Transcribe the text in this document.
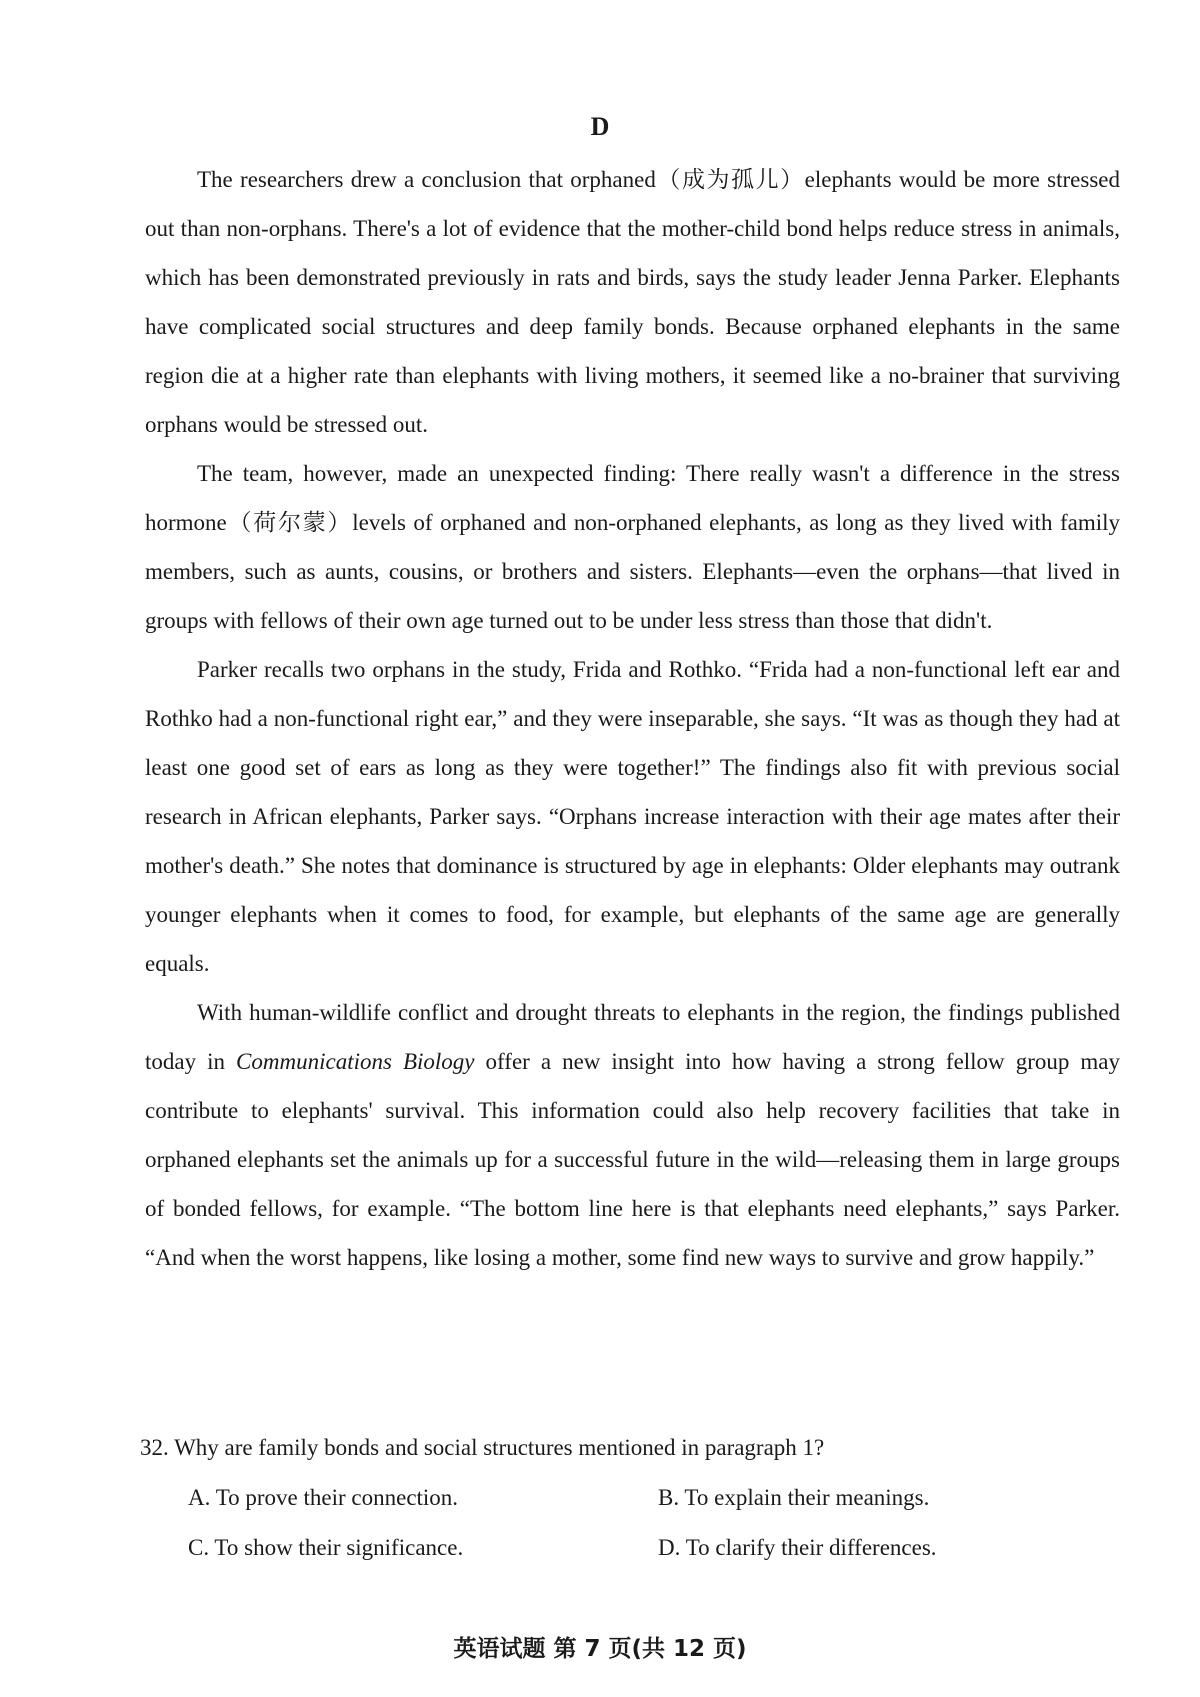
D

The researchers drew a conclusion that orphaned（成为孤儿）elephants would be more stressed out than non-orphans. There's a lot of evidence that the mother-child bond helps reduce stress in animals, which has been demonstrated previously in rats and birds, says the study leader Jenna Parker. Elephants have complicated social structures and deep family bonds. Because orphaned elephants in the same region die at a higher rate than elephants with living mothers, it seemed like a no-brainer that surviving orphans would be stressed out.

The team, however, made an unexpected finding: There really wasn't a difference in the stress hormone（荷尔蒙）levels of orphaned and non-orphaned elephants, as long as they lived with family members, such as aunts, cousins, or brothers and sisters. Elephants—even the orphans—that lived in groups with fellows of their own age turned out to be under less stress than those that didn't.

Parker recalls two orphans in the study, Frida and Rothko. “Frida had a non-functional left ear and Rothko had a non-functional right ear,” and they were inseparable, she says. “It was as though they had at least one good set of ears as long as they were together!” The findings also fit with previous social research in African elephants, Parker says. “Orphans increase interaction with their age mates after their mother's death.” She notes that dominance is structured by age in elephants: Older elephants may outrank younger elephants when it comes to food, for example, but elephants of the same age are generally equals.

With human-wildlife conflict and drought threats to elephants in the region, the findings published today in Communications Biology offer a new insight into how having a strong fellow group may contribute to elephants' survival. This information could also help recovery facilities that take in orphaned elephants set the animals up for a successful future in the wild—releasing them in large groups of bonded fellows, for example. “The bottom line here is that elephants need elephants,” says Parker. “And when the worst happens, like losing a mother, some find new ways to survive and grow happily.”

32. Why are family bonds and social structures mentioned in paragraph 1?

A. To prove their connection.	B. To explain their meanings.
C. To show their significance.	D. To clarify their differences.
英语试题 第 7 页(共 12 页)
